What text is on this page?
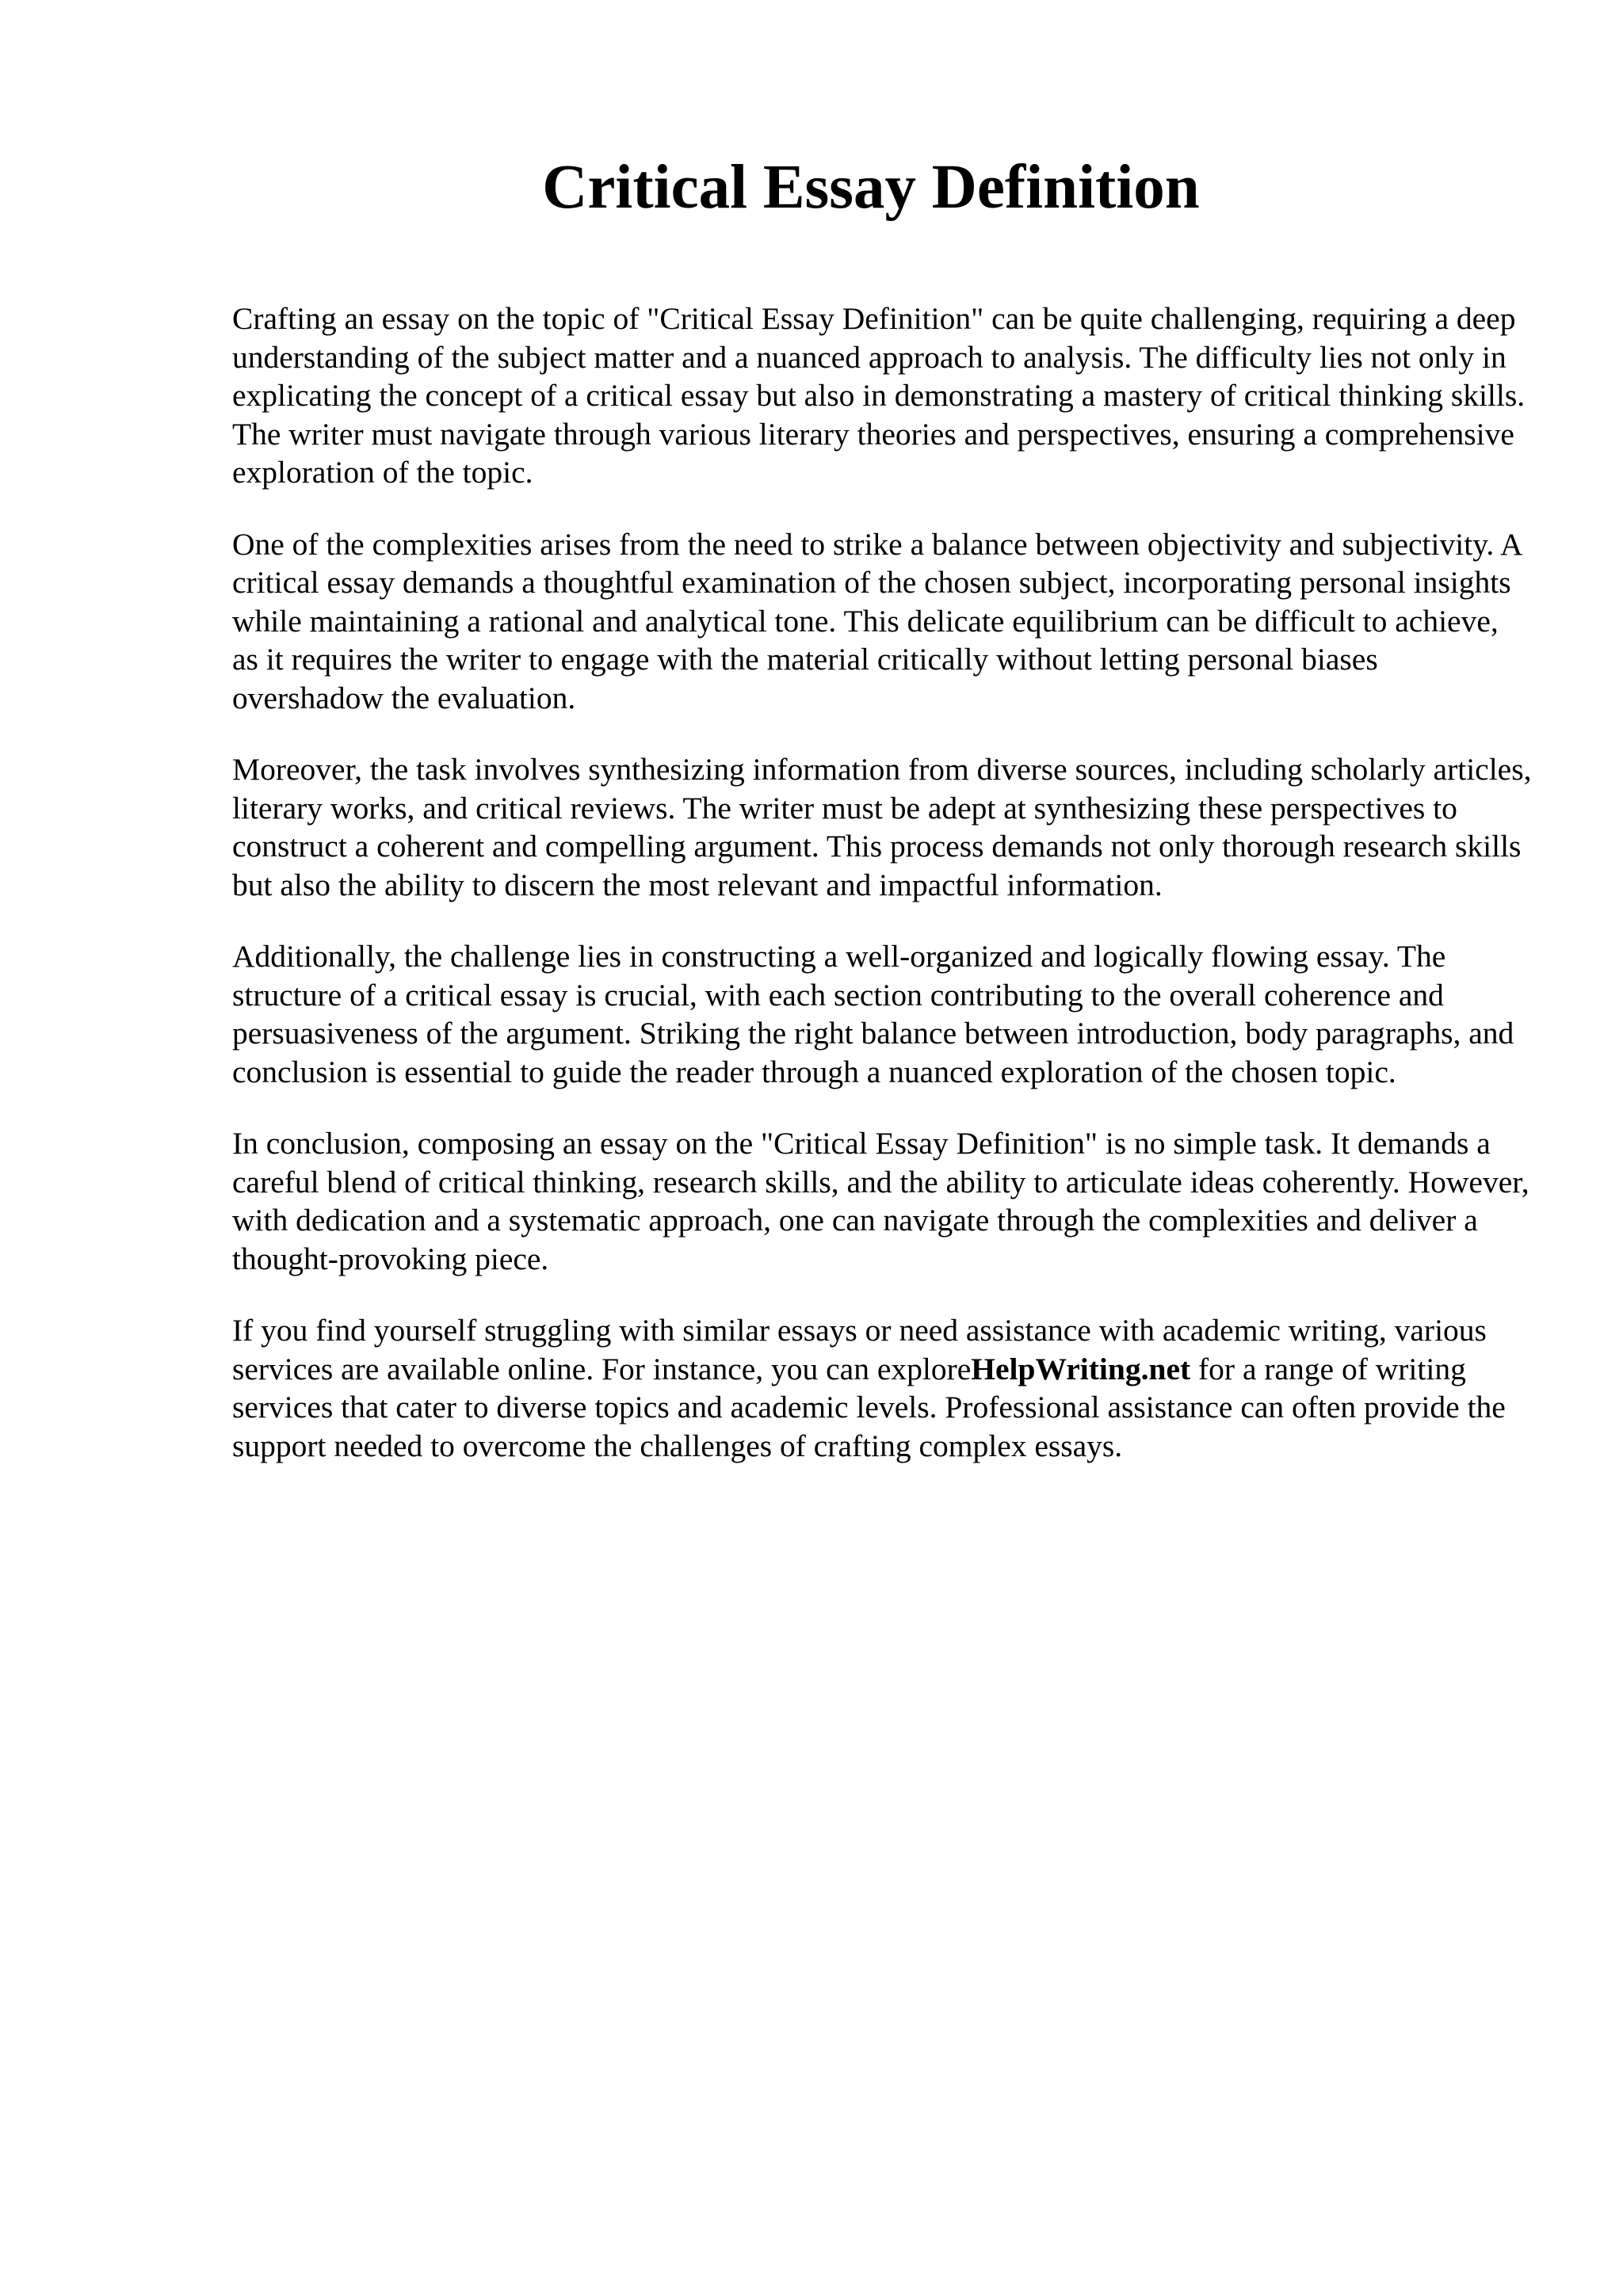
Critical Essay Definition

Crafting an essay on the topic of "Critical Essay Definition" can be quite challenging, requiring a deep understanding of the subject matter and a nuanced approach to analysis. The difficulty lies not only in explicating the concept of a critical essay but also in demonstrating a mastery of critical thinking skills. The writer must navigate through various literary theories and perspectives, ensuring a comprehensive exploration of the topic.

One of the complexities arises from the need to strike a balance between objectivity and subjectivity. A critical essay demands a thoughtful examination of the chosen subject, incorporating personal insights while maintaining a rational and analytical tone. This delicate equilibrium can be difficult to achieve, as it requires the writer to engage with the material critically without letting personal biases overshadow the evaluation.

Moreover, the task involves synthesizing information from diverse sources, including scholarly articles, literary works, and critical reviews. The writer must be adept at synthesizing these perspectives to construct a coherent and compelling argument. This process demands not only thorough research skills but also the ability to discern the most relevant and impactful information.

Additionally, the challenge lies in constructing a well-organized and logically flowing essay. The structure of a critical essay is crucial, with each section contributing to the overall coherence and persuasiveness of the argument. Striking the right balance between introduction, body paragraphs, and conclusion is essential to guide the reader through a nuanced exploration of the chosen topic.

In conclusion, composing an essay on the "Critical Essay Definition" is no simple task. It demands a careful blend of critical thinking, research skills, and the ability to articulate ideas coherently. However, with dedication and a systematic approach, one can navigate through the complexities and deliver a thought-provoking piece.

If you find yourself struggling with similar essays or need assistance with academic writing, various services are available online. For instance, you can exploreHelpWriting.net for a range of writing services that cater to diverse topics and academic levels. Professional assistance can often provide the support needed to overcome the challenges of crafting complex essays.
